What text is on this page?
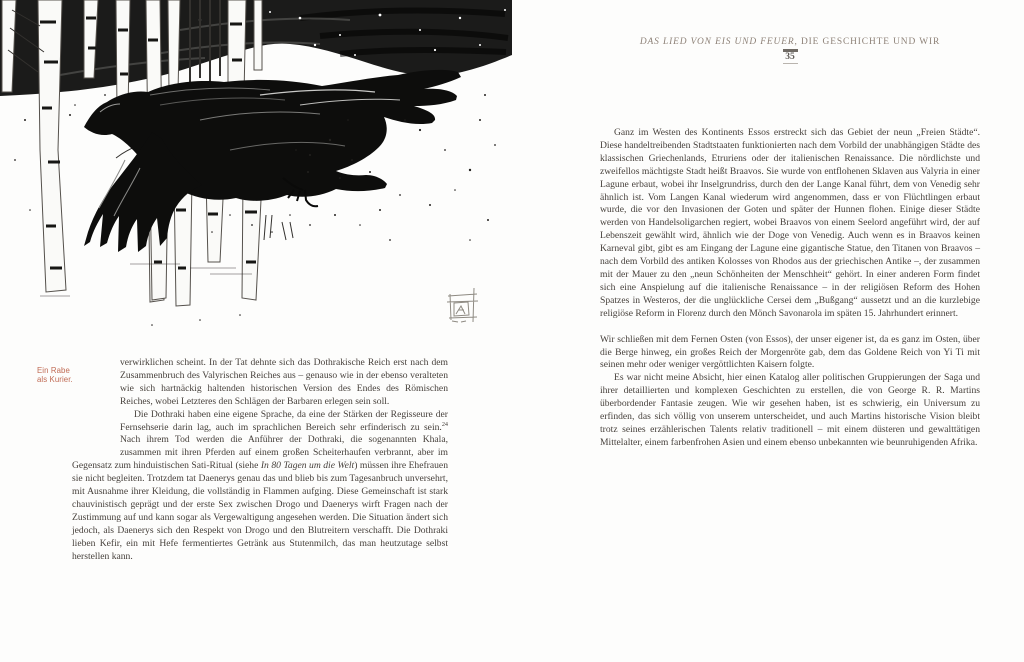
Ein Rabe
als Kurier.

verwirklichen scheint. In der Tat dehnte sich das Dothrakische Reich erst nach dem Zusammenbruch des Valyrischen Reiches aus – genauso wie in der ebenso veralteten wie sich hartnäckig haltenden historischen Version des Endes des Römischen Reiches, wobei Letzteres den Schlägen der Barbaren erlegen sein soll.

Die Dothraki haben eine eigene Sprache, da eine der Stärken der Regisseure der Fernsehserie darin lag, auch im sprachlichen Bereich sehr erfinderisch zu sein.$^{24}$ Nach ihrem Tod werden die Anführer der Dothraki, die sogenannten Khala, zusammen mit ihren Pferden auf einem großen Scheiterhaufen verbrannt, aber im Gegensatz zum hinduistischen Sati-Ritual (siehe In 80 Tagen um die Welt) müssen ihre Ehefrauen sie nicht begleiten. Trotzdem tat Daenerys genau das und blieb bis zum Tagesanbruch unversehrt, mit Ausnahme ihrer Kleidung, die vollständig in Flammen aufging. Diese Gemeinschaft ist stark chauvinistisch geprägt und der erste Sex zwischen Drogo und Daenerys wirft Fragen nach der Zustimmung auf und kann sogar als Vergewaltigung angesehen werden. Die Situation ändert sich jedoch, als Daenerys sich den Respekt von Drogo und den Blutreitern verschafft. Die Dothraki lieben Kefir, ein mit Hefe fermentiertes Getränk aus Stutenmilch, das man heutzutage selbst herstellen kann.

DAS LIED VON EIS UND FEUER, DIE GESCHICHTE UND WIR
35

Ganz im Westen des Kontinents Essos erstreckt sich das Gebiet der neun „Freien Städte“. Diese handeltreibenden Stadtstaaten funktionierten nach dem Vorbild der unabhängigen Städte des klassischen Griechenlands, Etruriens oder der italienischen Renaissance. Die nördlichste und zweifellos mächtigste Stadt heißt Braavos. Sie wurde von entflohenen Sklaven aus Valyria in einer Lagune erbaut, wobei ihr Inselgrundriss, durch den der Lange Kanal führt, dem von Venedig sehr ähnlich ist. Vom Langen Kanal wiederum wird angenommen, dass er von Flüchtlingen erbaut wurde, die vor den Invasionen der Goten und später der Hunnen flohen. Einige dieser Städte werden von Handelsoligarchen regiert, wobei Braavos von einem Seelord angeführt wird, der auf Lebenszeit gewählt wird, ähnlich wie der Doge von Venedig. Auch wenn es in Braavos keinen Karneval gibt, gibt es am Eingang der Lagune eine gigantische Statue, den Titanen von Braavos – nach dem Vorbild des antiken Kolosses von Rhodos aus der griechischen Antike –, der zusammen mit der Mauer zu den „neun Schönheiten der Menschheit“ gehört. In einer anderen Form findet sich eine Anspielung auf die italienische Renaissance – in der religiösen Reform des Hohen Spatzes in Westeros, der die unglückliche Cersei dem „Bußgang“ aussetzt und an die kurzlebige religiöse Reform in Florenz durch den Mönch Savonarola im späten 15. Jahrhundert erinnert.

Wir schließen mit dem Fernen Osten (von Essos), der unser eigener ist, da es ganz im Osten, über die Berge hinweg, ein großes Reich der Morgenröte gab, dem das Goldene Reich von Yi Ti mit seinen mehr oder weniger vergöttlichten Kaisern folgte.

Es war nicht meine Absicht, hier einen Katalog aller politischen Gruppierungen der Saga und ihrer detaillierten und komplexen Geschichten zu erstellen, die von George R. R. Martins überbordender Fantasie zeugen. Wie wir gesehen haben, ist es schwierig, ein Universum zu erfinden, das sich völlig von unserem unterscheidet, und auch Martins historische Vision bleibt trotz seines erzählerischen Talents relativ traditionell – mit einem düsteren und gewalttätigen Mittelalter, einem farbenfrohen Asien und einem ebenso unbekannten wie beunruhigenden Afrika.
